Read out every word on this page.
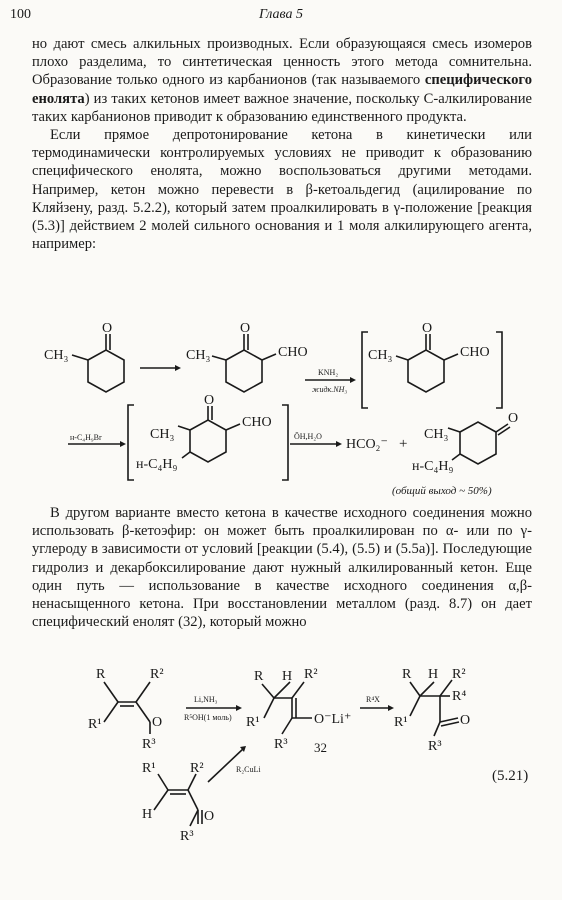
100	Глава 5

но дают смесь алкильных производных. Если образующаяся смесь изомеров плохо разделима, то синтетическая ценность этого метода сомнительна. Образование только одного из карбанионов (так называемого специфического енолята) из таких кетонов имеет важное значение, поскольку C-алкилирование таких карбанионов приводит к образованию единственного продукта.

Если прямое депротонирование кетона в кинетически или термодинамически контролируемых условиях не приводит к образованию специфического енолята, можно воспользоваться другими методами. Например, кетон можно перевести в β-кетоальдегид (ацилирование по Кляйзену, разд. 5.2.2), который затем проалкилировать в γ-положение [реакция (5.3)] действием 2 молей сильного основания и 1 моля алкилирующего агента, например:

CH₃
O
CH₃
O
CHO
KNH₂
жидк.NH₃
CH₃
O
CHO
н-C₄H₉Br	CH₃
н-C₄H₉
O
CHO
ŌH,H₂O
HCO₂⁻ +
CH₃
н-C₄H₉
O
(общий выход ~ 50%)

В другом варианте вместо кетона в качестве исходного соединения можно использовать β-кетоэфир: он может быть проалкилирован по α- или по γ-углероду в зависимости от условий [реакции (5.4), (5.5) и (5.5а)]. Последующие гидролиз и декарбоксилирование дают нужный алкилированный кетон. Еще один путь — использование в качестве исходного соединения α,β-ненасыщенного кетона. При восстановлении металлом (разд. 8.7) он дает специфический енолят (32), который можно

R	R²
R¹	O
R³
Li,NH₃
R⁵OH(1 моль)
R H R²
R¹	O⁻Li⁺
R³ 32
R⁴X
R H R²
R⁴
R¹	O
R³
R₂CuLi
R¹ R²
H	O
R³
(5.21)
